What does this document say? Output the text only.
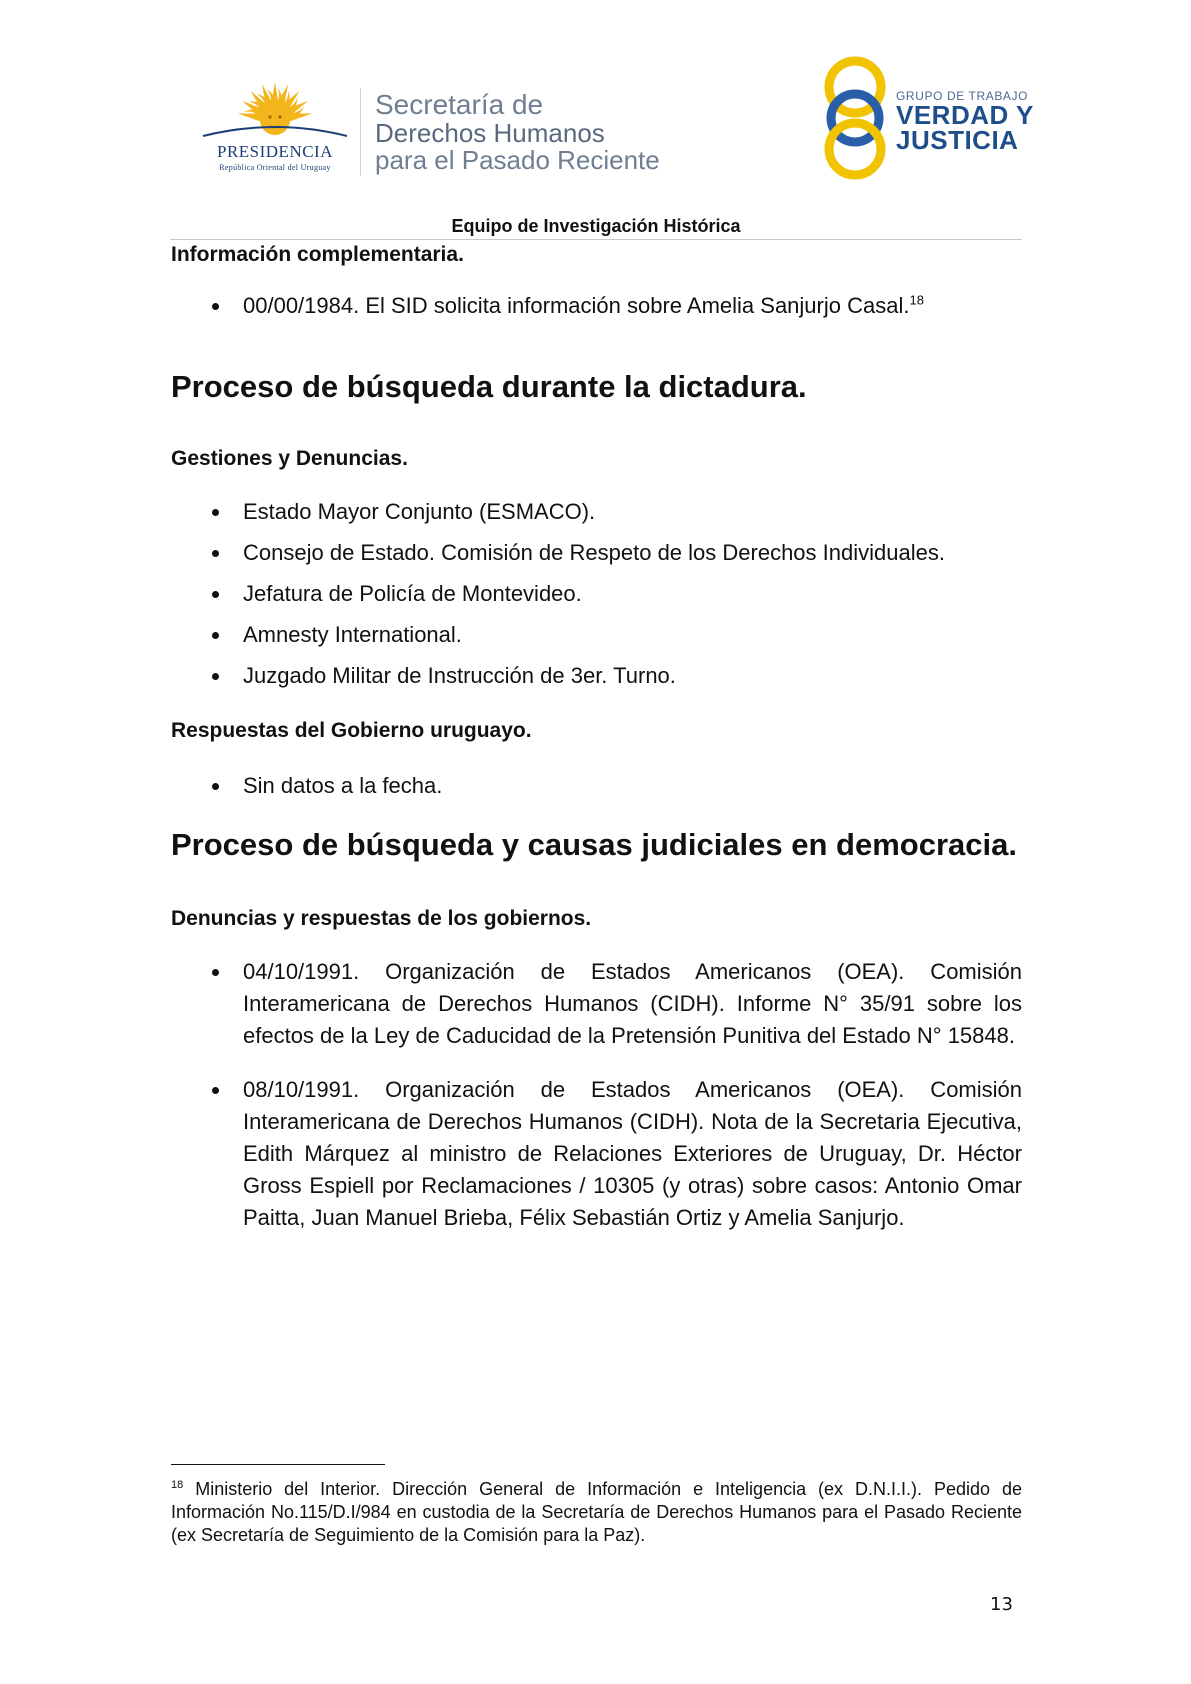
PRESIDENCIA
República Oriental del Uruguay
Secretaría de
Derechos Humanos
para el Pasado Reciente
GRUPO DE TRABAJO
VERDAD Y
JUSTICIA
Equipo de Investigación Histórica
Información complementaria.
00/00/1984. El SID solicita información sobre Amelia Sanjurjo Casal.$^{18}$
Proceso de búsqueda durante la dictadura.
Gestiones y Denuncias.
Estado Mayor Conjunto (ESMACO).
Consejo de Estado. Comisión de Respeto de los Derechos Individuales.
Jefatura de Policía de Montevideo.
Amnesty International.
Juzgado Militar de Instrucción de 3er. Turno.
Respuestas del Gobierno uruguayo.
Sin datos a la fecha.
Proceso de búsqueda y causas judiciales en democracia.
Denuncias y respuestas de los gobiernos.
04/10/1991. Organización de Estados Americanos (OEA). Comisión Interamericana de Derechos Humanos (CIDH). Informe N° 35/91 sobre los efectos de la Ley de Caducidad de la Pretensión Punitiva del Estado N° 15848.
08/10/1991. Organización de Estados Americanos (OEA). Comisión Interamericana de Derechos Humanos (CIDH). Nota de la Secretaria Ejecutiva, Edith Márquez al ministro de Relaciones Exteriores de Uruguay, Dr. Héctor Gross Espiell por Reclamaciones / 10305 (y otras) sobre casos: Antonio Omar Paitta, Juan Manuel Brieba, Félix Sebastián Ortiz y Amelia Sanjurjo.
$^{18}$ Ministerio del Interior. Dirección General de Información e Inteligencia (ex D.N.I.I.). Pedido de Información No.115/D.I/984 en custodia de la Secretaría de Derechos Humanos para el Pasado Reciente (ex Secretaría de Seguimiento de la Comisión para la Paz).
13
